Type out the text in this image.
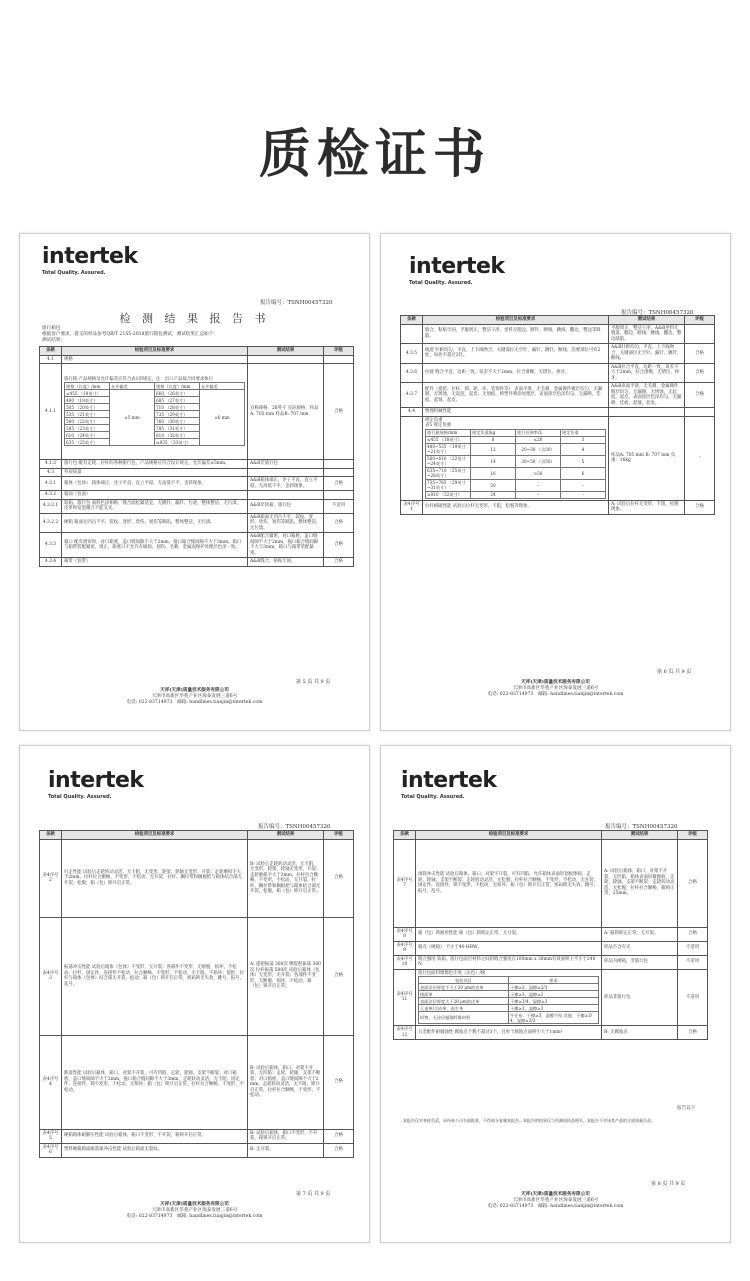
质检证书
intertek
Total Quality. Assured.
报告编号：TSNH00457320
检 测 结 果 报 告 书
旅行箱包
根据客户要求，提交的样品参考QB/T 2155-2018旅行箱包测试，测试结果汇总如下：
测试结果：
条款	检验项目及标准要求	测试结果	评级
4.1	规格		
4.1.1	
旅行箱 产品规格及允许偏差应符合表1的规定。注：出口产品按合同要求执行
规格（长度）/mm	允许偏差	规格（长度）/mm	允许偏差
≤455 （18英寸）	±5 mm	660 （26英寸）	±6 mm
480 （19英寸）	685 （27英寸）
505 （20英寸）	710 （28英寸）
535 （21英寸）	735 （29英寸）
560 （22英寸）	760 （30英寸）
585 （23英寸）	785 （31英寸）
610 （24英寸）	810 （32英寸）
635 （25英寸）	≥835 （33英寸）
	宣称规格：28英寸 实际规格：样品A: 705 mm 样品B: 707 mm	合格
4.1.2	旅行包 配有走轮、拉杆的各种旅行包，产品规格应符合设计规定，允许偏差±5mm。	A&B非旅行包	
4.3	外观质量		
4.3.1	箱体（包体） 箱体端正，牙子平直；直立平稳，无高低不平，歪斜现象。	A&B箱体端正，牙子平直；直立平稳，无高低不平，歪斜现象。	合格
4.3.2	箱面（包面）		
4.3.2.1	软箱、旅行包 面料色泽相称，缝合面松紧适宜，无跳针、漏针、污迹、整体整洁，无污渍，皮革和发泡聚合不能交叉。	A&B非软箱、旅行包	不适用
4.3.2.2	硬箱 箱面无凹凸不平、裂纹、变形、烫伤、划伤等缺陷，整体整洁，无污渍。	A&B箱面无凹凸不平、裂纹、变形、烫伤、划伤等缺陷，整体整洁，无污渍。	合格
4.3.3	箱口 配有窗帘时，对口箱底，盖口缝间隙不大于2mm，拖口箱合缝间隙不大于3mm。箱口与箱带装配紧密，周正，箱底口不允许有破损、划伤、毛刺，金属面保护处理层色泽一致。	A&B配合紧密，对口箱底，盖口缝间隙不大于2mm，拖口箱合缝间隙不大于3mm，箱口与箱带装配紧密。	合格
4.3.4	箱带（包带）	A&B缝合，贴贴牢固。	合格
第 5 页 共 9 页
天祥(天津)质量技术服务有限公司
天津市高新区华苑产业区海泰发展三道6号
电话: 022-83714973　 邮箱: handlines.tianjin@intertek.com
intertek
Total Quality. Assured.
报告编号：TSNH00457320
条款	检验项目及标准要求	测试结果	评级
	缝合，粘贴牢固，平服周正，整洁干净，坐料无脱边，断针、断线、跳线，翻边，整边等缺陷。	平服周正，整洁干净；A&B坐料无脱落，翻边，断线，跳线，翻边，整边缺陷。	
4.3.5	线迹 针距均匀，平直，上下线吻合，关键部位无空针、漏针、跳针、断线；次要部位可有2处，每处不超过2针。	A&B针距均匀，平直，上下线吻合，关键部位无空针、漏针、跳针、断线。	合格
4.3.6	拉链 缝合平直，边距一致，误差不大于2mm，拉合滑顺，无错位、掉牙。	A&B拉合平直，边距一致，误差不大于2mm，拉合滑顺，无错位，掉牙。	合格
4.3.7	配件（提把、拉杆、锁、轮、环、装饰件等） 表面平滑，无毛刺，金属镀件镀层均匀，无漏镀，无锈蚀，无起泡，起皮；无划痕，喷塑件喷涂处理层，表面涂层色泽均匀，无漏喷，佳痕，起皱，起皮。	A&B表面平滑，无毛刺，金属镀件镀层均匀，无漏镀，无锈蚀，无起泡，起皮，表面涂层色泽均匀，无漏喷，佳痕，起皱，起皮。	合格
4.4	物理机械性能		

规定负重
表5 规定负重
旅行箱规格/mm	规定负重/kg	旅行拉伸率/L	规定负重
≤455 （18英寸）	8	≤20	3
480~535 （19英寸~21英寸）	12	20~30 （含30）	4
560~610 （22英寸~24英寸）	14	30~50 （含50）	5
635~710 （25英寸~28英寸）	16	>50	6
735~785 （29英寸~31英寸）	20	–	–
≥810 （32英寸）	24	–	–
	样品A: 705 mm B: 707 mm 负重：16kg	-
表4序号 1	拉杆耐破性能 试验后拉杆无变形，卡阻，松脱等现象。	A: 试验后拉杆无变形，卡阻，松脱现象。	合格
第 6 页 共 9 页
天祥(天津)质量技术服务有限公司
天津市高新区华苑产业区海泰发展三道6号
电话: 022-83714973　 邮箱: handlines.tianjin@intertek.com
intertek
Total Quality. Assured.
报告编号：TSNH00457320
条款	检验项目及标准要求	测试结果	评级
表4序号 2	行走性能 试验后走轮转动灵活，无卡阻，无变形、轮架、轮轴无变形，开裂；走轮磨损不大于2mm，拉杆拉合顺畅，不变形，不松动，无开裂，拉杆、搁拉带和搁板把与箱体结合部无开裂，松脱，箱（包）锁开启正常。	B: 试验后走轮转动灵活，无卡阻，无变形，轮架、轮轴无变形，开裂；走轮磨损不大于2mm，拉杆拉合顺畅，不变形，不松动，无开裂，拉杆、搁拉带和搁板把与箱体结合部无开裂，松脱，箱（包）锁开启正常。	合格
表4序号 3	振荡冲击性能 试验后箱体（包体）不变形，无开裂；各部件不变形，无断脱，损坏，不松动；拉杆，固定件，连接件不松动，拉合顺畅，不变形，不松动，无卡阻，不损坏；提把、拉杆与箱体（包体）结合部无开裂，松动；箱（包）锁开启正常，密码锁无失效，跳号，报号，乱号。	A: 提把振荡 300次 侧提把振荡 300次 拉杆振荡 500次 试验后箱体（包体）无变形，无开裂；各部件不变形，无断脱，损坏，不松动，箱（包）锁开启正常。	合格
表4序号 4	跌落性能 试验后箱体，箱口，对架不开裂，可有凹陷，走轮、轮轴、支架不断裂；对口箱底，盖口缝间隙不大于2mm，拖口箱合缝间隙不大于3mm，走轮转动灵活，无卡阻；固定件、连接件，锁不变形，不松动，无损坏；箱（包）锁开启正常，拉杆拉合顺畅，不变形，不松动。	B: 试验后箱体，箱口，对架不开裂，无凹陷；走轮，轮轴，支架不断裂；对口箱底，盖口缝间隙不大于2mm，走轮转动灵活，无卡阻，锁开启正常，拉杆拉合顺畅，不变形，不松动。	合格
表4序号 5	硬箱箱体耐静压性能 试验后箱体，箱口不变形，不开裂，箱锁开启正常。	B: 试验后箱体，箱口不变形，不开裂，箱锁开启正常。	合格
表4序号 6	塑料硬箱箱面耐落球冲击性能 试验后箱面无裂纹。	B: 无开裂。	合格
第 7 页 共 9 页
天祥(天津)质量技术服务有限公司
天津市高新区华苑产业区海泰发展三道6号
电话: 022-83714973　 邮箱: handlines.tianjin@intertek.com
intertek
Total Quality. Assured.
报告编号：TSNH00457320
条款	检验项目及标准要求	测试结果	评级
表4序号 7	滚筒冲击性能 试验后箱体、箱口、对架不开裂，可有凹陷，允许箱体表面轻划痕擦损，走轮、轮轴、支架不断裂；走轮转动灵活，无松脱；拉杆拉合顺畅，不变形，不松动，无开裂，固定件，连接件，锁不变形，不松动，无损坏；箱（包）锁开启正常，密码锁无失效，跳号，报号，乱号。	A: 试验后箱体，箱口，对架不开裂，无凹陷，箱体表面轻微擦痕，走轮，轮轴，支架不断裂；走轮转动灵活，无松脱，拉杆拉合顺畅，箱锁正常，25mm。	合格
表4序号 8	箱（包）锁耐用性能 箱（包）锁锁定正常，无开裂。	A: 箱锁锁定正常，无开裂。	合格
表4序号 9	箱壳（硬箱） 不小于40 HBW。	样品不含有壳	不适用
表4序号 10	缝合强度 软箱、旅行包面层材料之间的缝合强度在100mm x 30mm有效面积上不小于240 N	样品为硬箱，非旅行包	不适用
表4序号 11	
旅行包面料摩擦色牢度（沾色）/级
检验项目	要求
表面涂层厚度不大于20 μm的皮革	干擦≥3，湿擦≥2/3
绒面革	干擦≥3，湿擦≥2
表面涂层厚度大于20 μm的皮革	干擦≥3/4，湿擦≥3
人造革/合成革，再生革	干擦≥3，湿擦≥3
织物，无涂层超细纤维材料	牛仔布：干擦≥3，湿擦不检 其他：干擦≥3/4，湿擦≥2/3
	样品非旅行包	不适用
表4序号 12	五金配件耐腐蚀性 腐蚀点个数不超过3个，且单个腐蚀点面积不大于1mm²	B: 无腐蚀点	合格
报告以下
本报告仅对来样负责，未经本公司书面批准，不得部分复制本报告。本报告的结果仅与所测试样品相关，本报告不对该类产品的全部质量负责。
第 8 页 共 9 页
天祥(天津)质量技术服务有限公司
天津市高新区华苑产业区海泰发展三道6号
电话: 022-83714973　 邮箱: handlines.tianjin@intertek.com
